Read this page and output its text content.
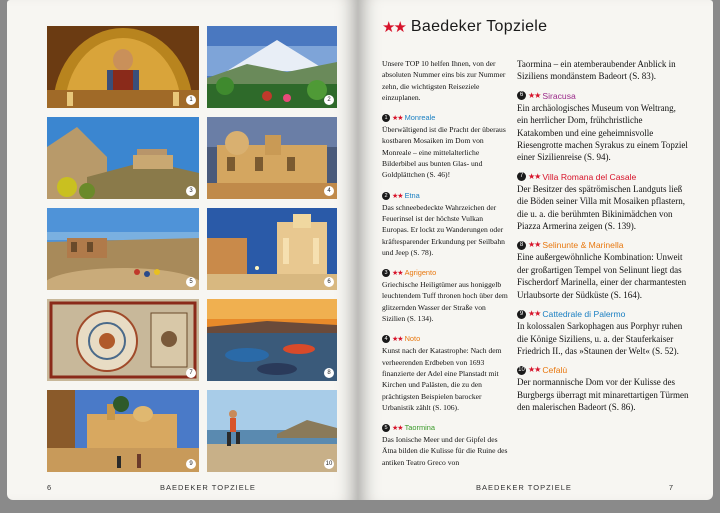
1	2
3	4
5	6
7	8
9	10
6	BAEDEKER TOPZIELE
★★ Baedeker Topziele

Unsere TOP 10 helfen Ihnen, von der absoluten Nummer eins bis zur Nummer zehn, die wichtigsten Reiseziele einzuplanen.

1 ★★ Monreale

Überwältigend ist die Pracht der überaus kostbaren Mosaiken im Dom von Monreale – eine mittelalterliche Bilderbibel aus bunten Glas- und Goldplättchen (S. 46)!

2 ★★ Etna

Das schneebedeckte Wahrzeichen der Feuerinsel ist der höchste Vulkan Europas. Er lockt zu Wanderungen oder kräftesparender Erkundung per Seilbahn und Jeep (S. 78).

3 ★★ Agrigento

Griechische Heiligtümer aus honiggelb leuchtendem Tuff thronen hoch über dem glitzernden Wasser der Straße von Sizilien (S. 134).

4 ★★ Noto

Kunst nach der Katastrophe: Nach dem verheerenden Erdbeben von 1693 finanzierte der Adel eine Planstadt mit Kirchen und Palästen, die zu den prächtigsten Beispielen barocker Urbanistik zählt (S. 106).

5 ★★ Taormina

Das Ionische Meer und der Gipfel des Ätna bilden die Kulisse für die Ruine des antiken Teatro Greco von

Taormina – ein atemberaubender Anblick in Siziliens mondänstem Badeort (S. 83).

6 ★★ Siracusa

Ein archäologisches Museum von Weltrang, ein herrlicher Dom, frühchristliche Katakomben und eine geheimnisvolle Riesengrotte machen Syrakus zu einem Topziel einer Sizilienreise (S. 94).

7 ★★ Villa Romana del Casale

Der Besitzer des spätrömischen Landguts ließ die Böden seiner Villa mit Mosaiken pflastern, die u. a. die berühmten Bikinimädchen von Piazza Armerina zeigen (S. 139).

8 ★★ Selinunte & Marinella

Eine außergewöhnliche Kombination: Unweit der großartigen Tempel von Selinunt liegt das Fischerdorf Marinella, einer der charmantesten Urlaubsorte der Südküste (S. 164).

9 ★★ Cattedrale di Palermo

In kolossalen Sarkophagen aus Porphyr ruhen die Könige Siziliens, u. a. der Stauferkaiser Friedrich II., das »Staunen der Welt« (S. 52).

10 ★★ Cefalù

Der normannische Dom vor der Kulisse des Burgbergs überragt mit minarettartigen Türmen den malerischen Badeort (S. 86).

BAEDEKER TOPZIELE	7
